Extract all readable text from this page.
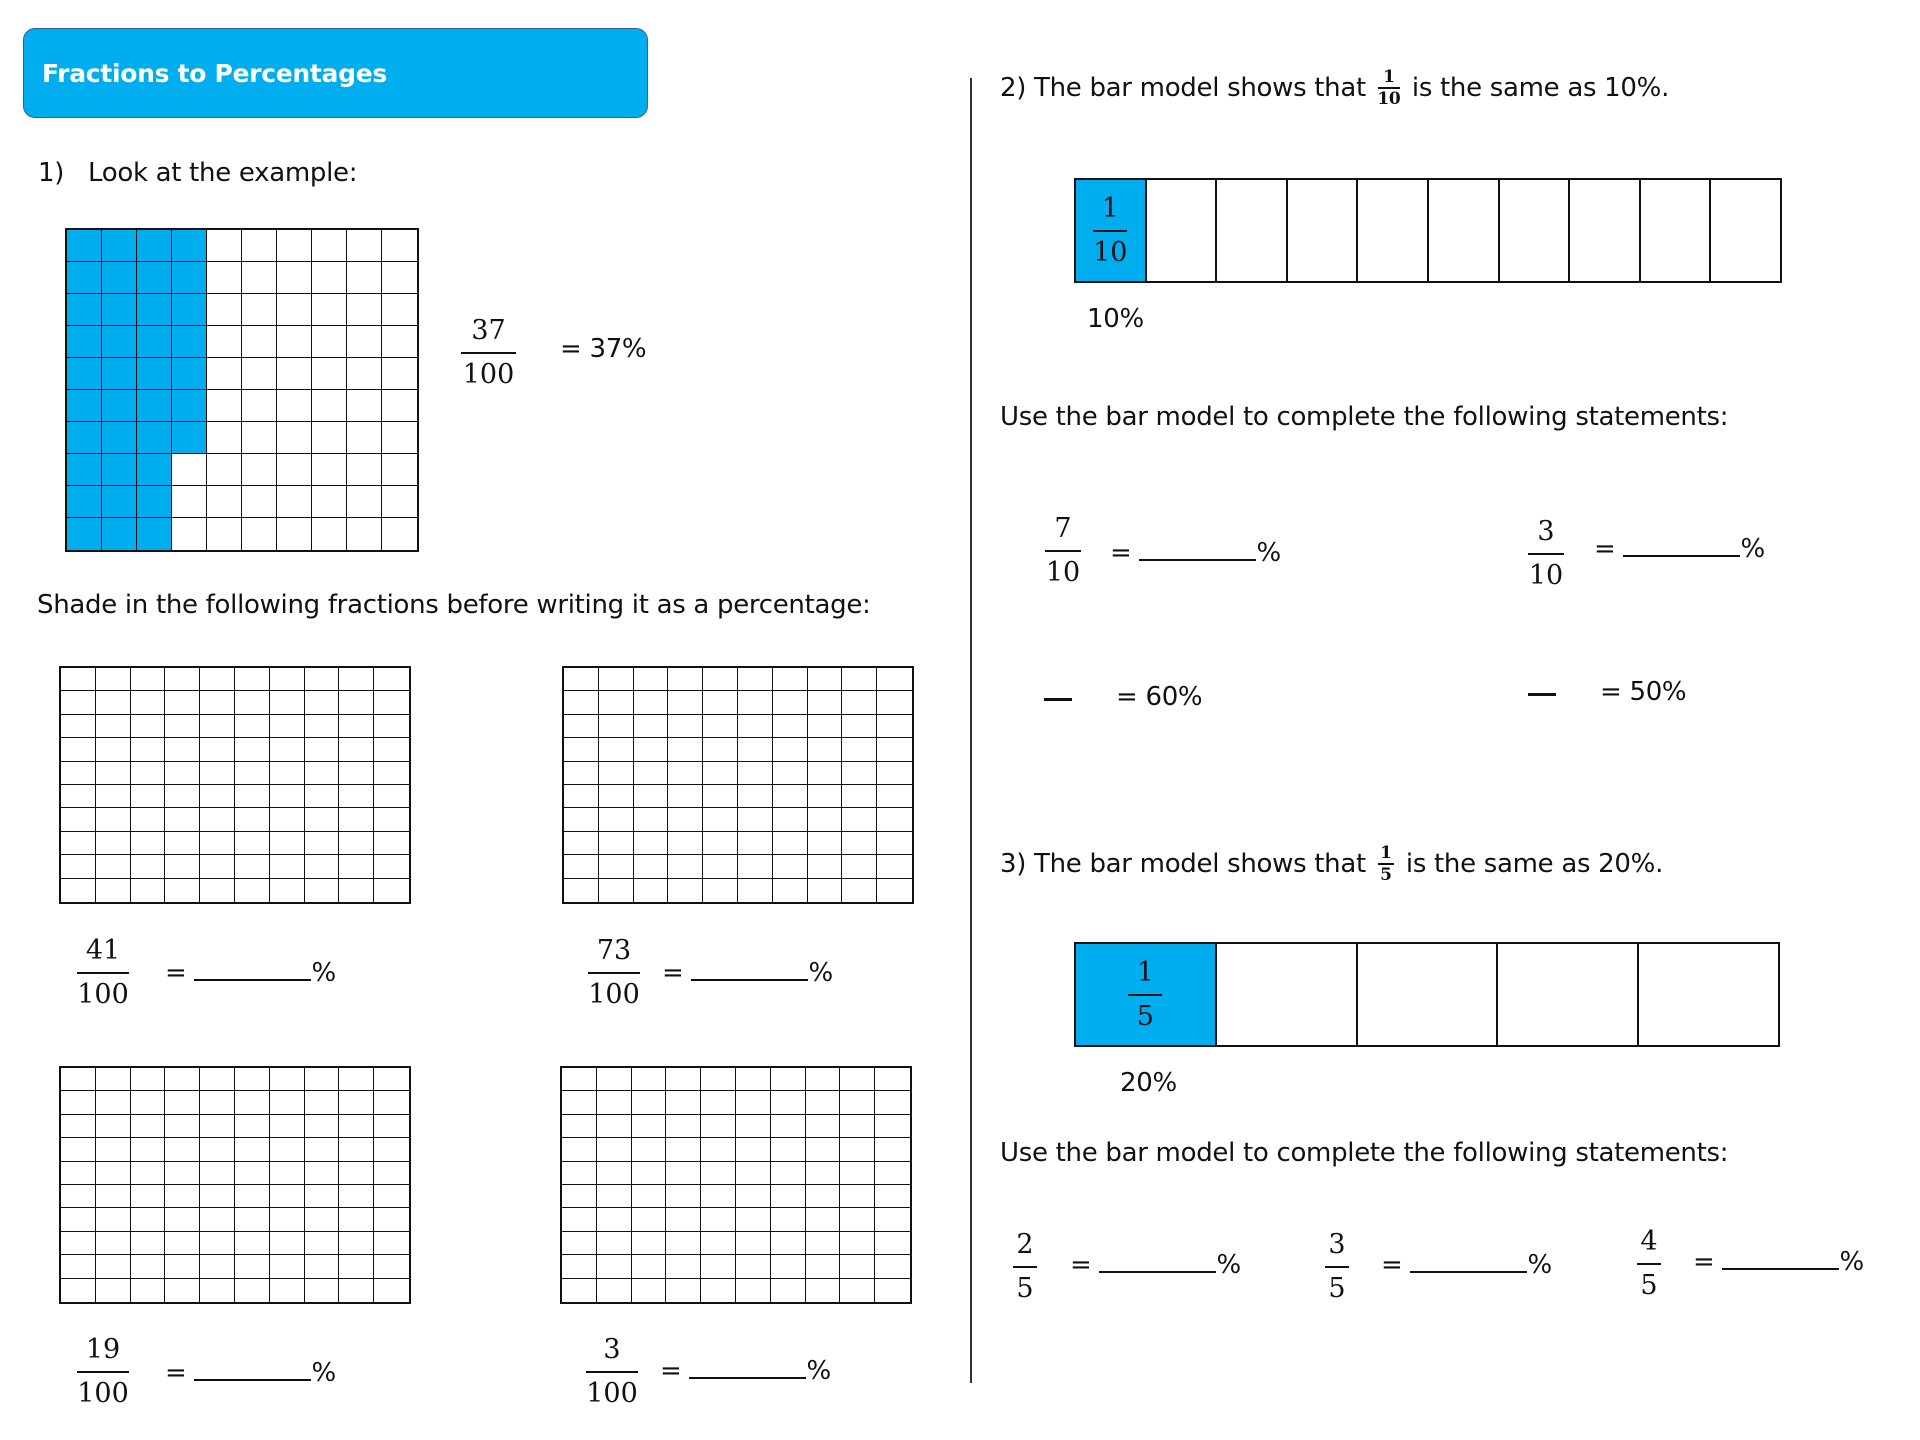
Fractions to Percentages
1) Look at the example:
37
100
= 37%
Shade in the following fractions before writing it as a percentage:
41
100
=	%
73
100
=	%
19
100
=	%
3
100
=	%
2) The bar model shows that $\frac{1}{10}$ is the same as 10%.
$\frac{1}{10}$
10%
Use the bar model to complete the following statements:
7
10
=	%
3
10
=	%
= 60%	= 50%
3) The bar model shows that $\frac{1}{5}$ is the same as 20%.
$\frac{1}{5}$
20%
Use the bar model to complete the following statements:
2
5
=	%
3
5
=	%
4
5
=	%
